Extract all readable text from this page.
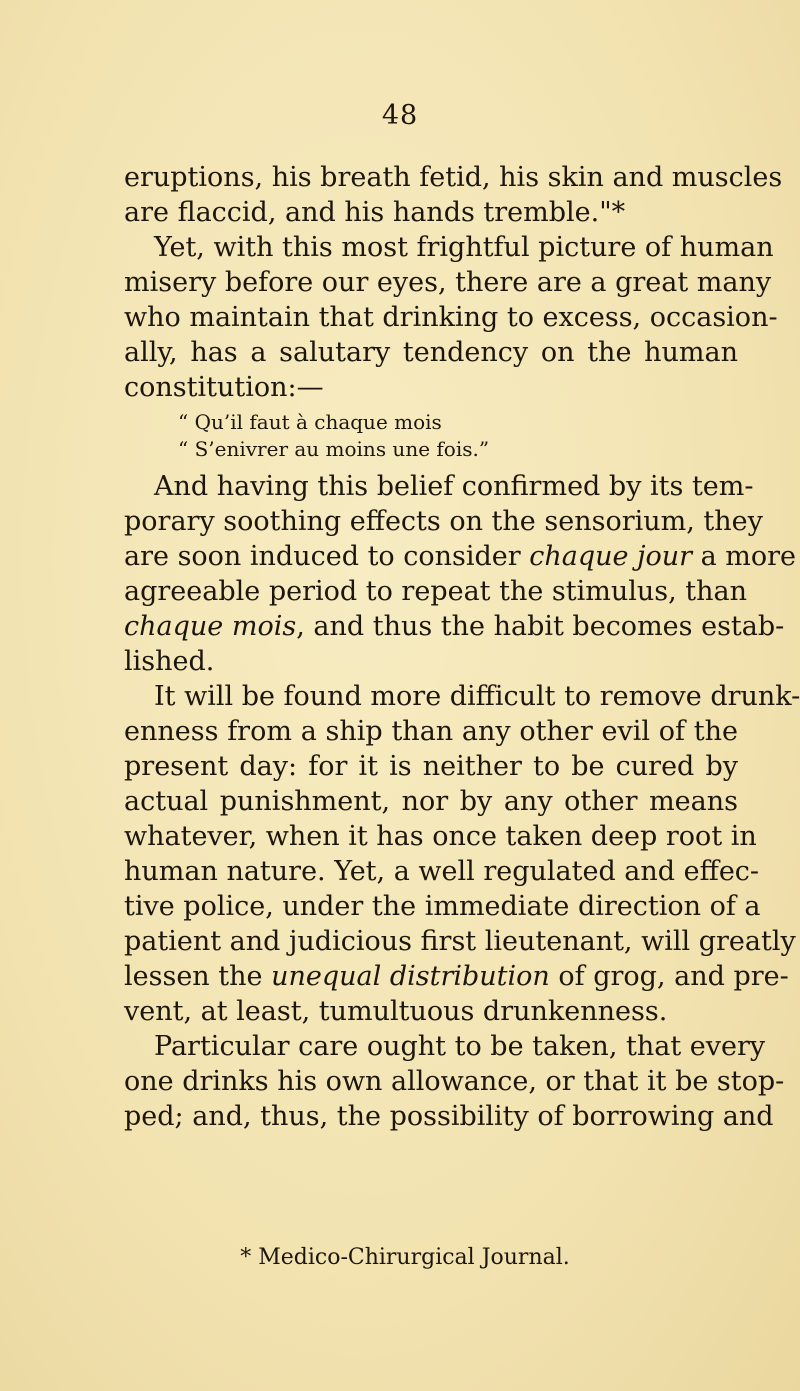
48
eruptions, his breath fetid, his skin and muscles
are flaccid, and his hands tremble."*
Yet, with this most frightful picture of human
misery before our eyes, there are a great many
who maintain that drinking to excess, occasion-
ally, has a salutary tendency on the human
constitution:—
“ Qu’il faut à chaque mois
“ S’enivrer au moins une fois.”
And having this belief confirmed by its tem-
porary soothing effects on the sensorium, they
are soon induced to consider chaque jour a more
agreeable period to repeat the stimulus, than
chaque mois, and thus the habit becomes estab-
lished.
It will be found more difficult to remove drunk-
enness from a ship than any other evil of the
present day: for it is neither to be cured by
actual punishment, nor by any other means
whatever, when it has once taken deep root in
human nature. Yet, a well regulated and effec-
tive police, under the immediate direction of a
patient and judicious first lieutenant, will greatly
lessen the unequal distribution of grog, and pre-
vent, at least, tumultuous drunkenness.
Particular care ought to be taken, that every
one drinks his own allowance, or that it be stop-
ped; and, thus, the possibility of borrowing and
* Medico-Chirurgical Journal.
